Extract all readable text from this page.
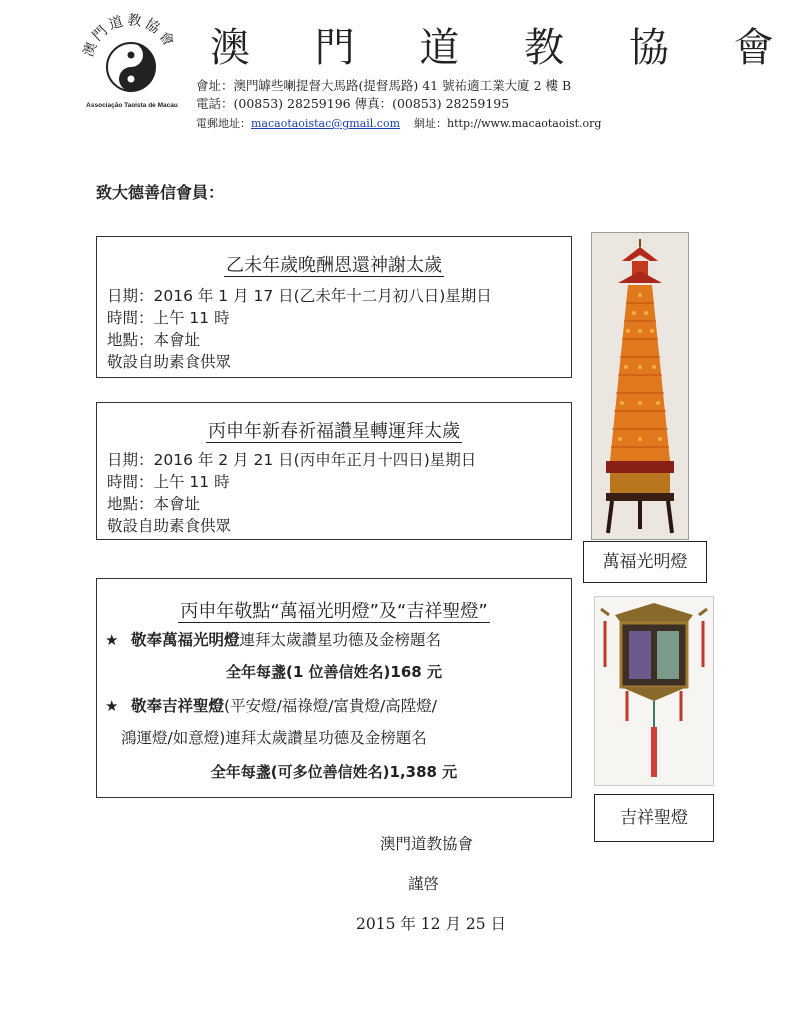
澳門道教協會
Associação Taoista de Macau
澳 門 道 教 協 會
會址：澳門罅些喇提督大馬路(提督馬路) 41 號祐適工業大廈 2 樓 B
電話：(00853) 28259196 傳真：(00853) 28259195
電郵地址：macaotaoistac@gmail.com 網址：http://www.macaotaoist.org
致大德善信會員：
乙未年歲晚酬恩還神謝太歲
日期：2016 年 1 月 17 日(乙未年十二月初八日)星期日
時間：上午 11 時
地點：本會址
敬設自助素食供眾
丙申年新春祈福讚星轉運拜太歲
日期：2016 年 2 月 21 日(丙申年正月十四日)星期日
時間：上午 11 時
地點：本會址
敬設自助素食供眾
丙申年敬點“萬福光明燈”及“吉祥聖燈”
★ 敬奉萬福光明燈連拜太歲讚星功德及金榜題名
全年每盞(1 位善信姓名)168 元
★ 敬奉吉祥聖燈(平安燈/福祿燈/富貴燈/高陞燈/
鴻運燈/如意燈)連拜太歲讚星功德及金榜題名
全年每盞(可多位善信姓名)1,388 元
萬福光明燈
吉祥聖燈
澳門道教協會
謹啓
2015 年 12 月 25 日
